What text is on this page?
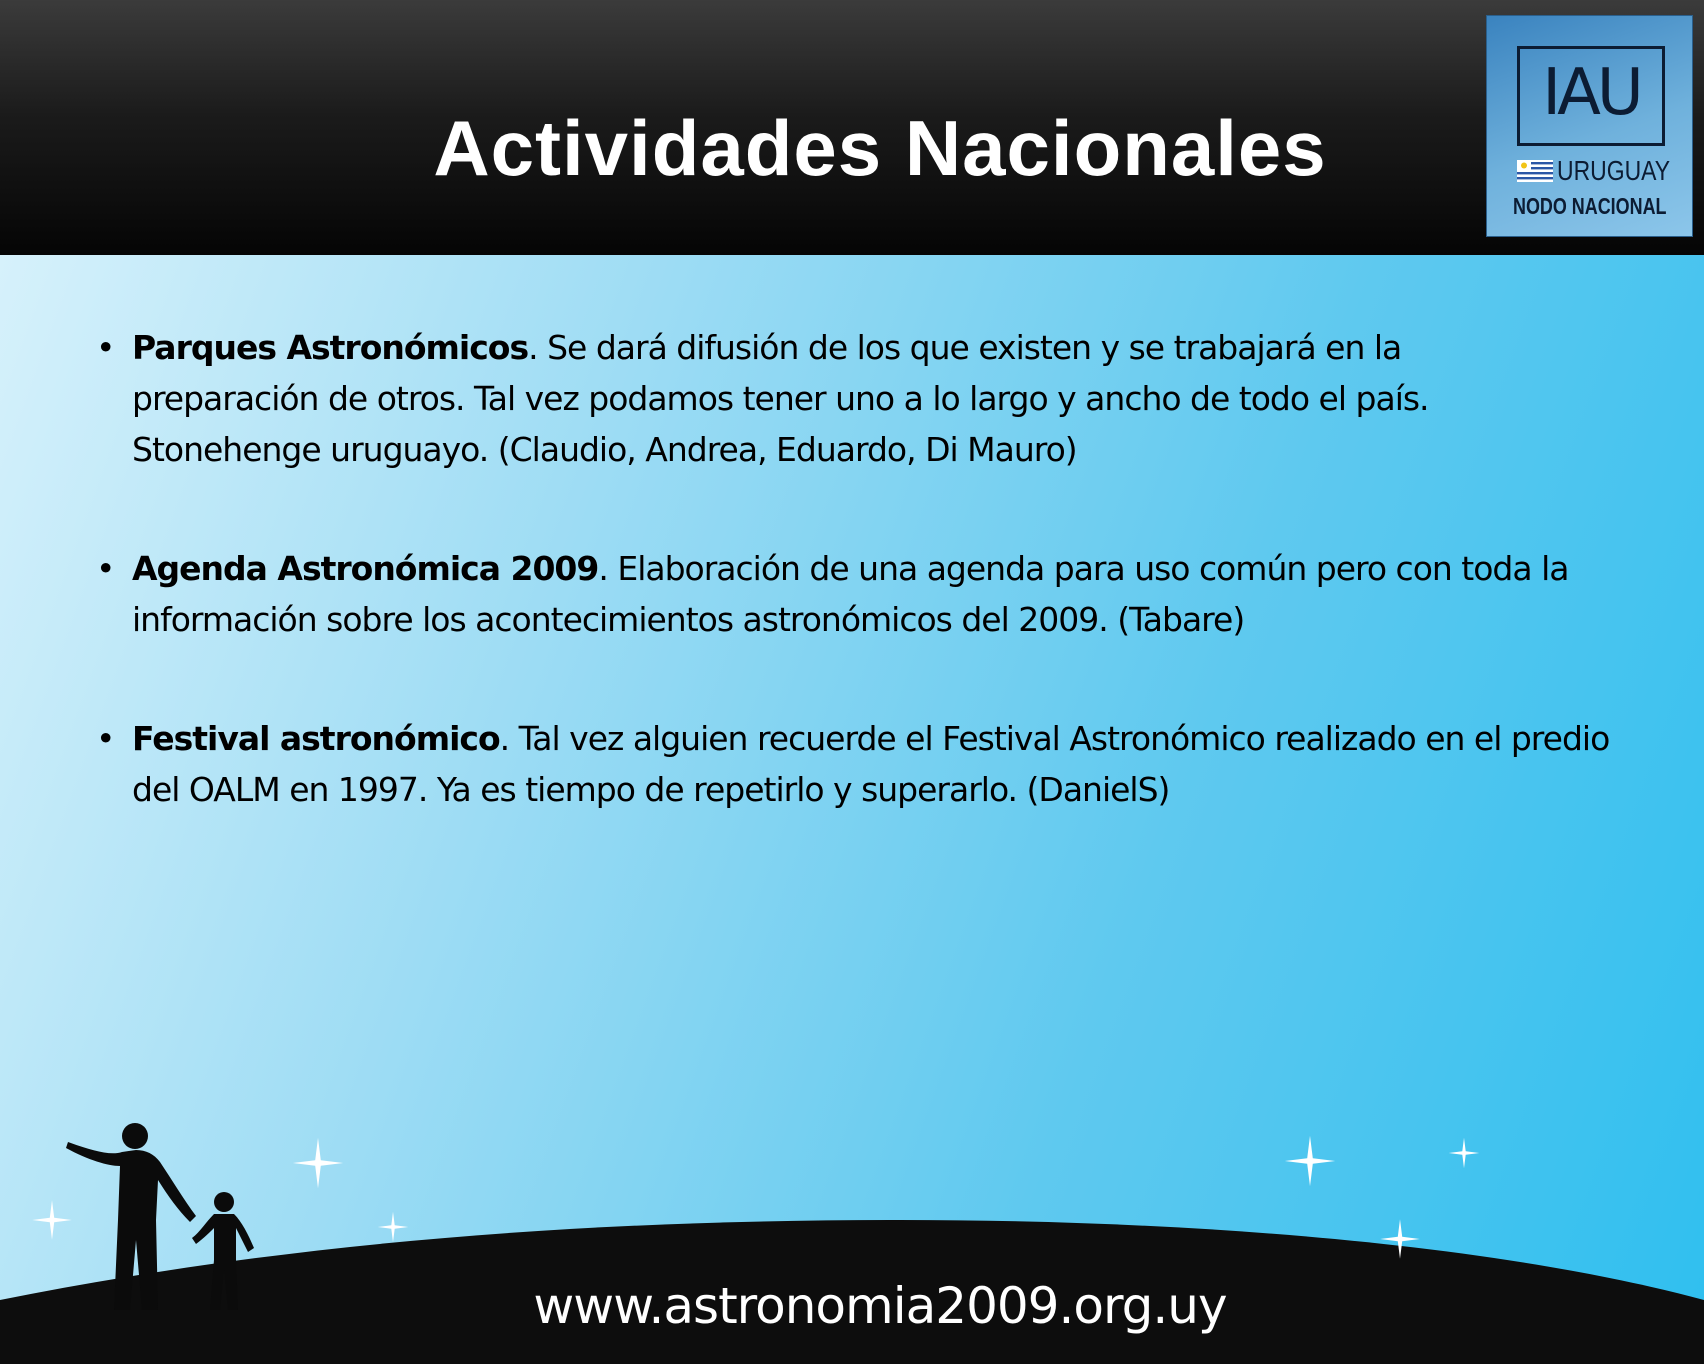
Actividades Nacionales
IAU
URUGUAY
NODO NACIONAL
• Parques Astronómicos. Se dará difusión de los que existen y se trabajará en la preparación de otros. Tal vez podamos tener uno a lo largo y ancho de todo el país. Stonehenge uruguayo. (Claudio, Andrea, Eduardo, Di Mauro)
• Agenda Astronómica 2009. Elaboración de una agenda para uso común pero con toda la información sobre los acontecimientos astronómicos del 2009. (Tabare)
• Festival astronómico. Tal vez alguien recuerde el Festival Astronómico realizado en el predio del OALM en 1997. Ya es tiempo de repetirlo y superarlo. (DanielS)
www.astronomia2009.org.uy
